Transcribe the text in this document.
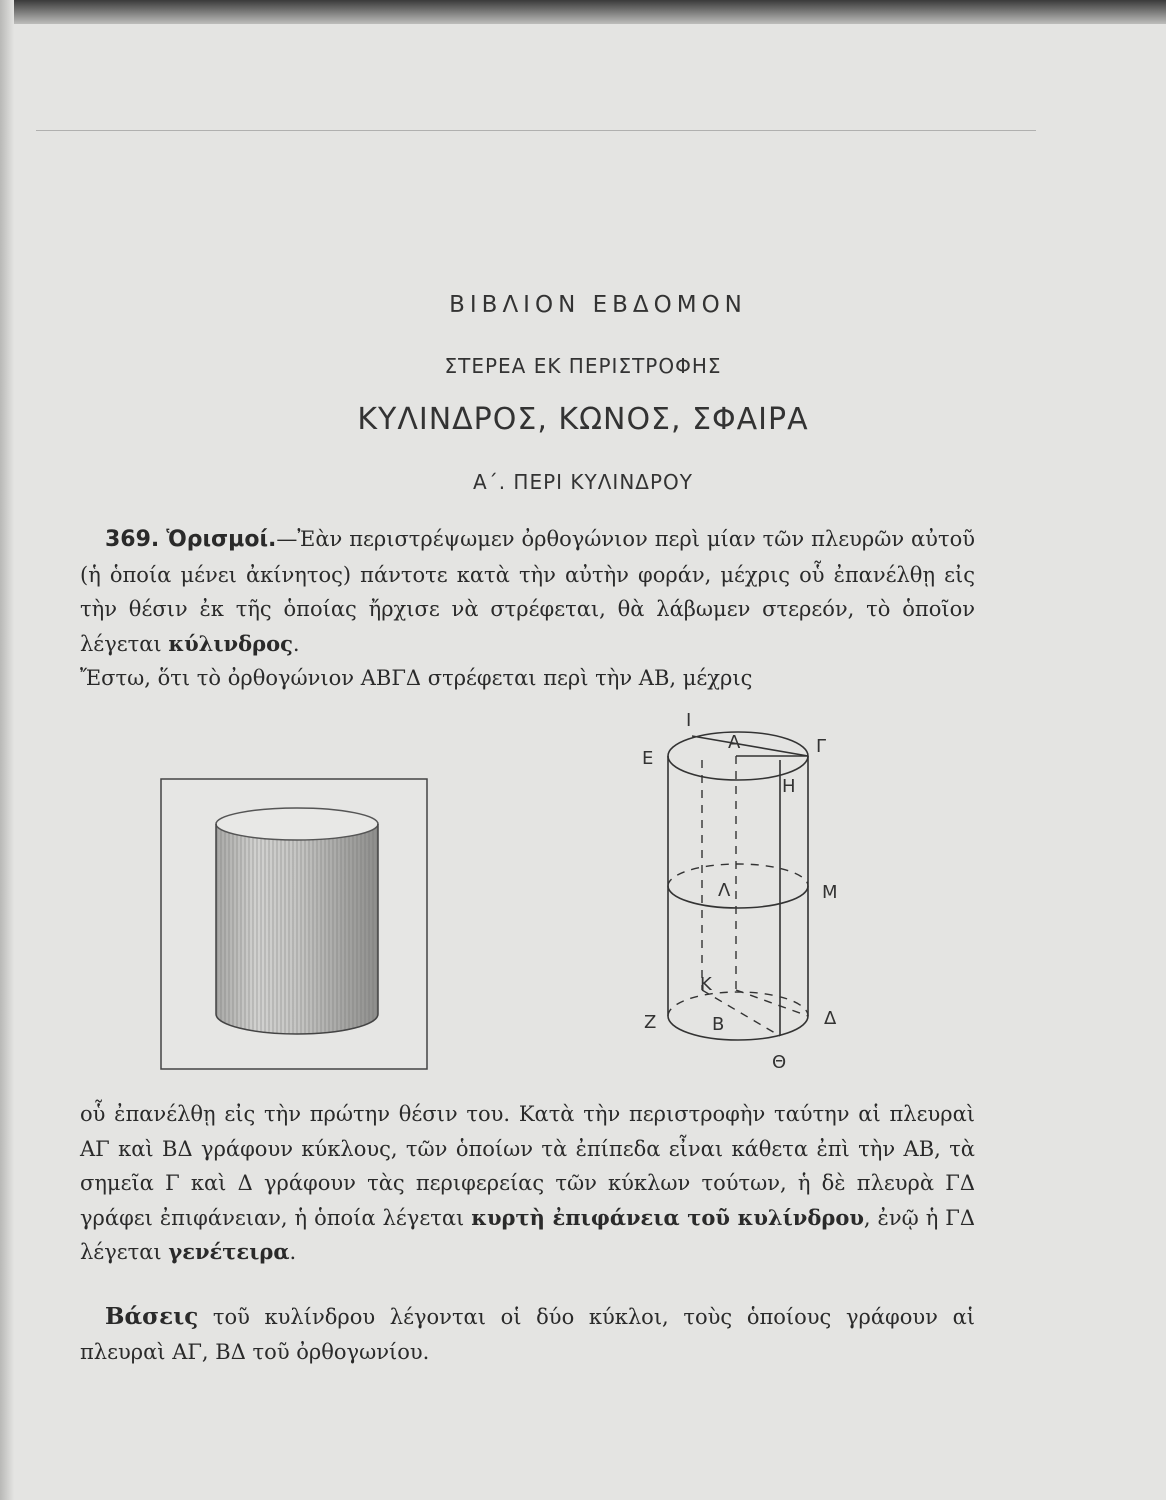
ΒΙΒΛΙΟΝ ΕΒΔΟΜΟΝ
ΣΤΕΡΕΑ ΕΚ ΠΕΡΙΣΤΡΟΦΗΣ
ΚΥΛΙΝΔΡΟΣ, ΚΩΝΟΣ, ΣΦΑΙΡΑ
Α΄. ΠΕΡΙ ΚΥΛΙΝΔΡΟΥ

369. Ὁρισμοί.—Ἐὰν περιστρέψωμεν ὀρθογώνιον περὶ μίαν τῶν πλευρῶν αὐτοῦ (ἡ ὁποία μένει ἀκίνητος) πάντοτε κατὰ τὴν αὐτὴν φοράν, μέχρις οὗ ἐπανέλθῃ εἰς τὴν θέσιν ἐκ τῆς ὁποίας ἤρχισε νὰ στρέφεται, θὰ λάβωμεν στερεόν, τὸ ὁποῖον λέγεται κύλινδρος.
Ἔστω, ὅτι τὸ ὀρθογώνιον ΑΒΓΔ στρέφεται περὶ τὴν ΑΒ, μέχρις

Ι
Α	Γ
Ε
Η
Λ	Μ
Κ
Ζ	Β	Δ
Θ

οὗ ἐπανέλθῃ εἰς τὴν πρώτην θέσιν του. Κατὰ τὴν περιστροφὴν ταύτην αἱ πλευραὶ ΑΓ καὶ ΒΔ γράφουν κύκλους, τῶν ὁποίων τὰ ἐπίπεδα εἶναι κάθετα ἐπὶ τὴν ΑΒ, τὰ σημεῖα Γ καὶ Δ γράφουν τὰς περιφερείας τῶν κύκλων τούτων, ἡ δὲ πλευρὰ ΓΔ γράφει ἐπιφάνειαν, ἡ ὁποία λέγεται κυρτὴ ἐπιφάνεια τοῦ κυλίνδρου, ἐνῷ ἡ ΓΔ λέγεται γενέτειρα.

Βάσεις τοῦ κυλίνδρου λέγονται οἱ δύο κύκλοι, τοὺς ὁποίους γράφουν αἱ πλευραὶ ΑΓ, ΒΔ τοῦ ὀρθογωνίου.
